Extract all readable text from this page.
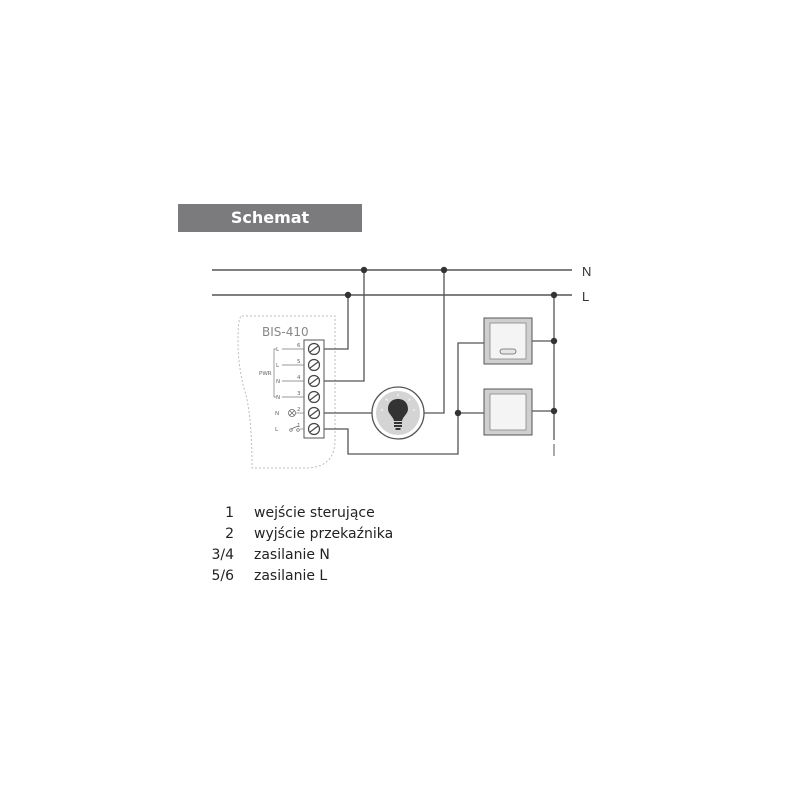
Schemat podłączenia
N
L
BIS-410
L
6
L
5
N
4
N
3
N
2
L
1
PWR
1 wejście sterujące
2 wyjście przekaźnika
3/4 zasilanie N
5/6 zasilanie L
